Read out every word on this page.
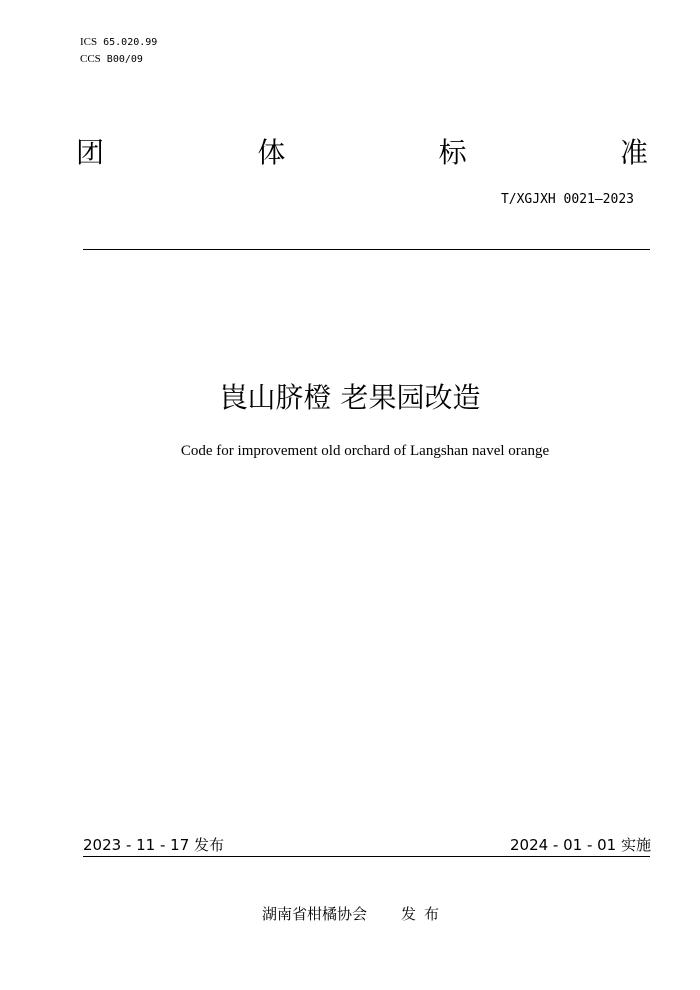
ICS 65.020.99
CCS B00/09
团	体	标	准
T/XGJXH 0021—2023
崀山脐橙 老果园改造
Code for improvement old orchard of Langshan navel orange
2023 - 11 - 17 发布	2024 - 01 - 01 实施
湖南省柑橘协会 发布
